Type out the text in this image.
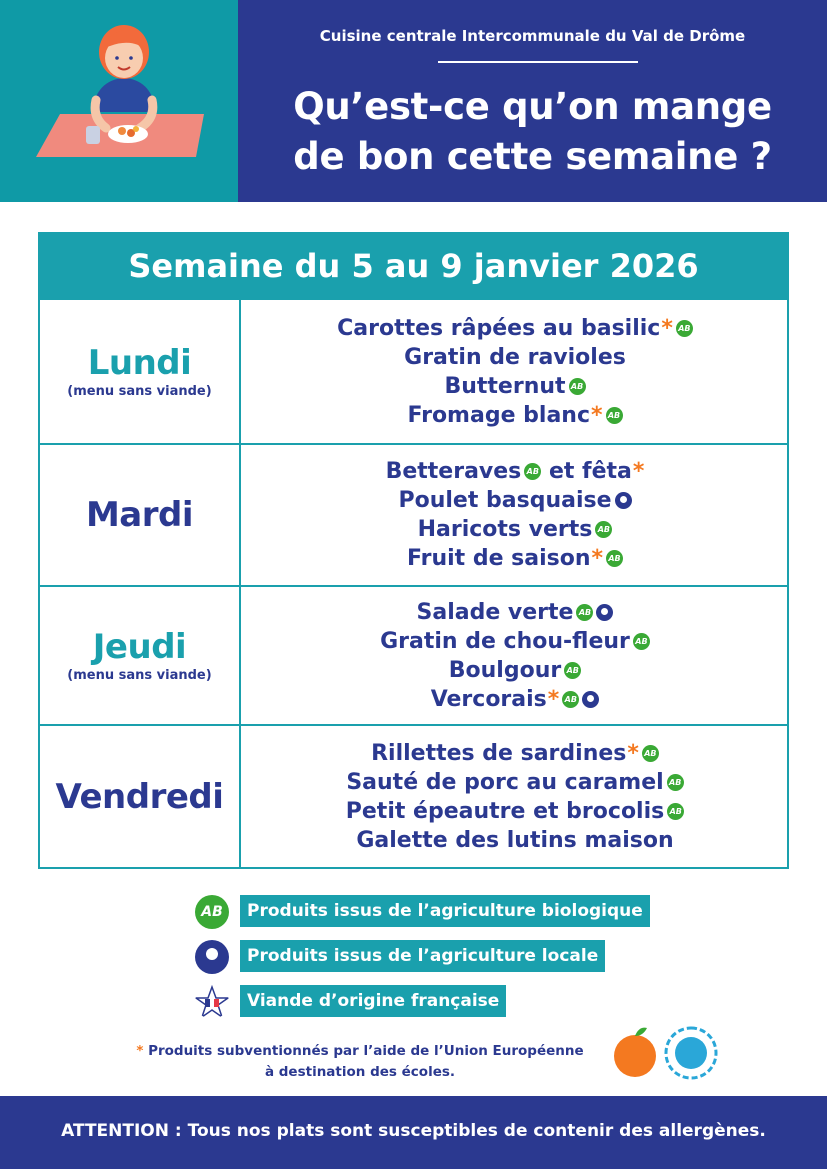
Cuisine centrale Intercommunale du Val de Drôme
Qu’est-ce qu’on mange
de bon cette semaine ?
Semaine du 5 au 9 janvier 2026
Lundi
(menu sans viande)
Carottes râpées au basilic *
AB
Gratin de ravioles
Butternut
AB
Fromage blanc *
AB
Mardi
Betteraves AB
et fêta *
Poulet basquaise
Haricots verts
AB
Fruit de saison *
AB
Jeudi
(menu sans viande)
Salade verte
AB
Gratin de chou-fleur
AB
Boulgour
AB
Vercorais *
AB
Vendredi
Rillettes de sardines *
AB
Sauté de porc au caramel
AB
Petit épeautre et brocolis
AB
Galette des lutins maison
AB	Produits issus de l’agriculture biologique
Produits issus de l’agriculture locale
Viande d’origine française
* Produits subventionnés par l’aide de l’Union Européenne
à destination des écoles.
ATTENTION : Tous nos plats sont susceptibles de contenir des allergènes.
